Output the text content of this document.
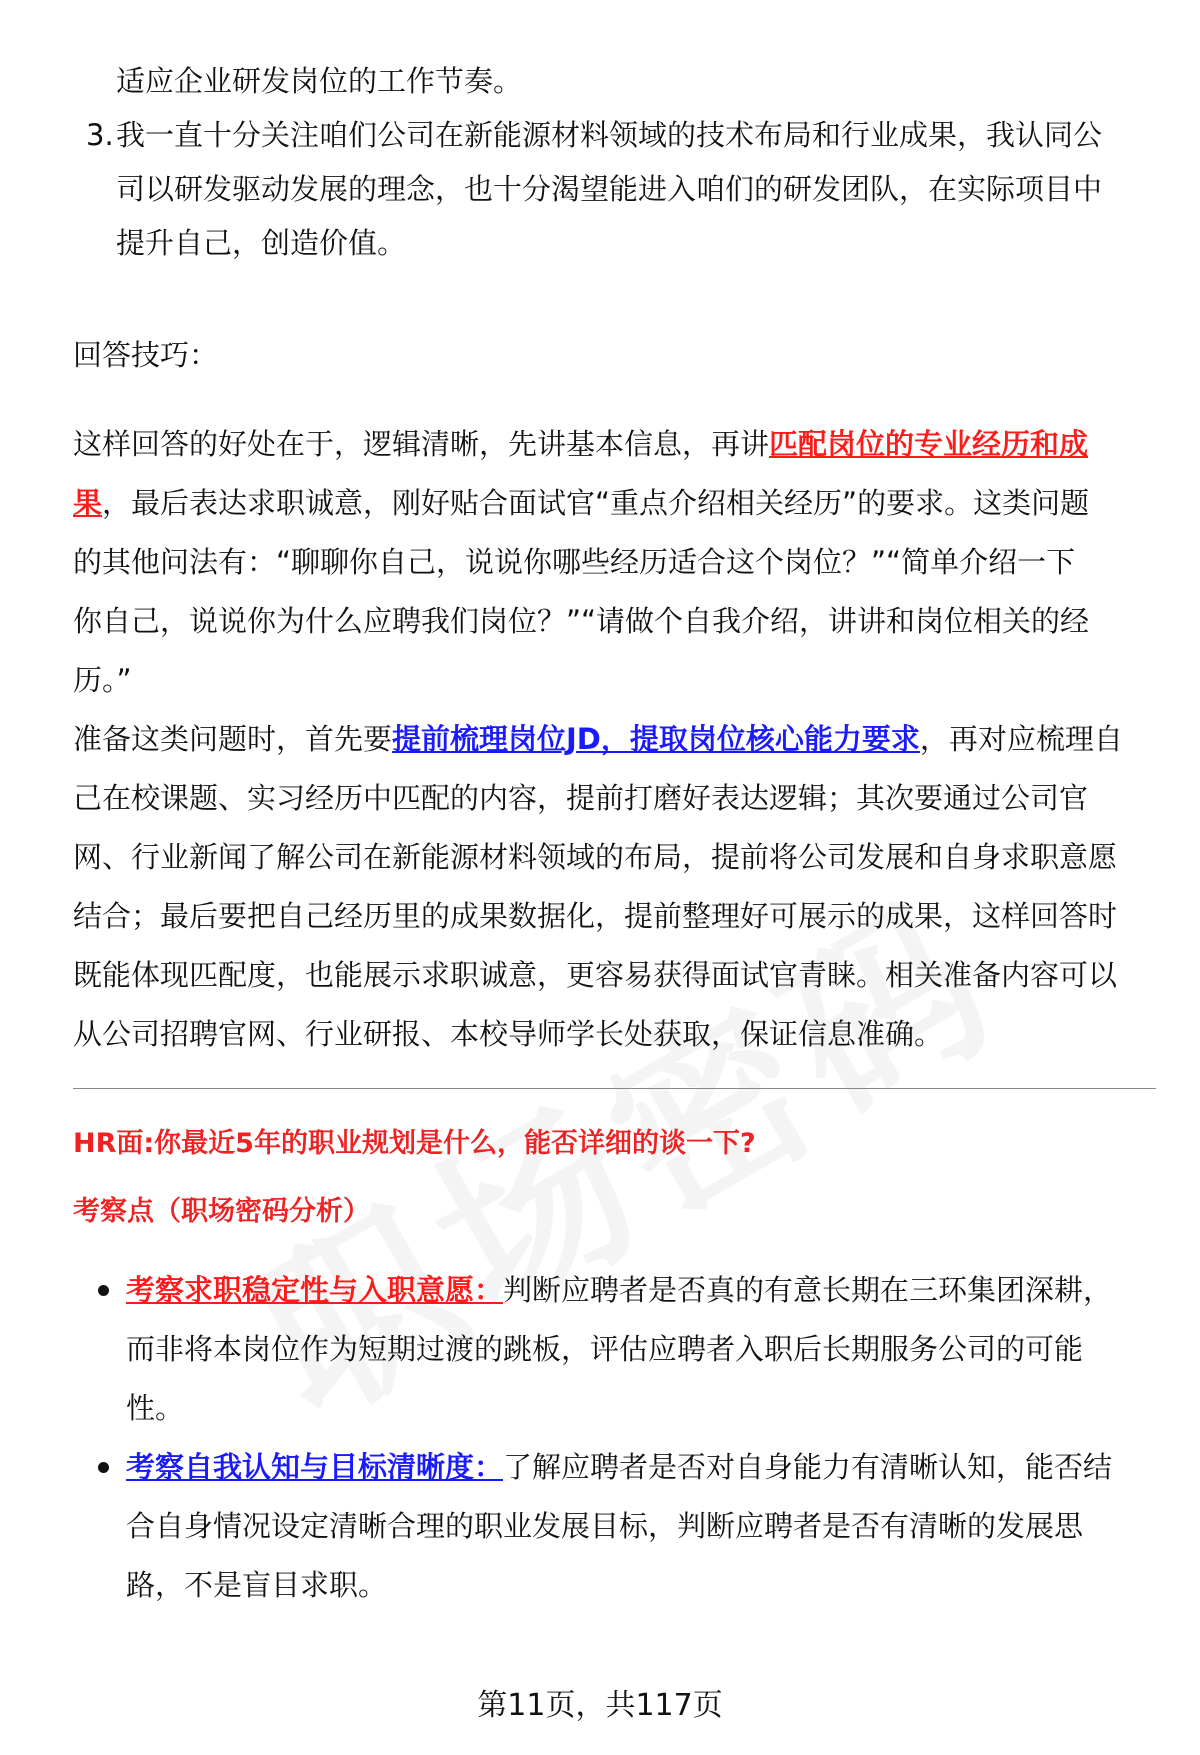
适应企业研发岗位的工作节奏。
3. 我一直十分关注咱们公司在新能源材料领域的技术布局和行业成果，我认同公
司以研发驱动发展的理念，也十分渴望能进入咱们的研发团队，在实际项目中
提升自己，创造价值。
回答技巧：
这样回答的好处在于，逻辑清晰，先讲基本信息，再讲匹配岗位的专业经历和成
果，最后表达求职诚意，刚好贴合面试官“重点介绍相关经历”的要求。这类问题
的其他问法有：“聊聊你自己，说说你哪些经历适合这个岗位？”“简单介绍一下
你自己，说说你为什么应聘我们岗位？”“请做个自我介绍，讲讲和岗位相关的经
历。”
准备这类问题时，首先要提前梳理岗位JD，提取岗位核心能力要求，再对应梳理自
己在校课题、实习经历中匹配的内容，提前打磨好表达逻辑；其次要通过公司官
网、行业新闻了解公司在新能源材料领域的布局，提前将公司发展和自身求职意愿
结合；最后要把自己经历里的成果数据化，提前整理好可展示的成果，这样回答时
既能体现匹配度，也能展示求职诚意，更容易获得面试官青睐。相关准备内容可以
从公司招聘官网、行业研报、本校导师学长处获取，保证信息准确。
HR面:你最近5年的职业规划是什么，能否详细的谈一下?
考察点（职场密码分析）
考察求职稳定性与入职意愿：判断应聘者是否真的有意长期在三环集团深耕，
而非将本岗位作为短期过渡的跳板，评估应聘者入职后长期服务公司的可能
性。
考察自我认知与目标清晰度：了解应聘者是否对自身能力有清晰认知，能否结
合自身情况设定清晰合理的职业发展目标，判断应聘者是否有清晰的发展思
路，不是盲目求职。
第11页，共117页
